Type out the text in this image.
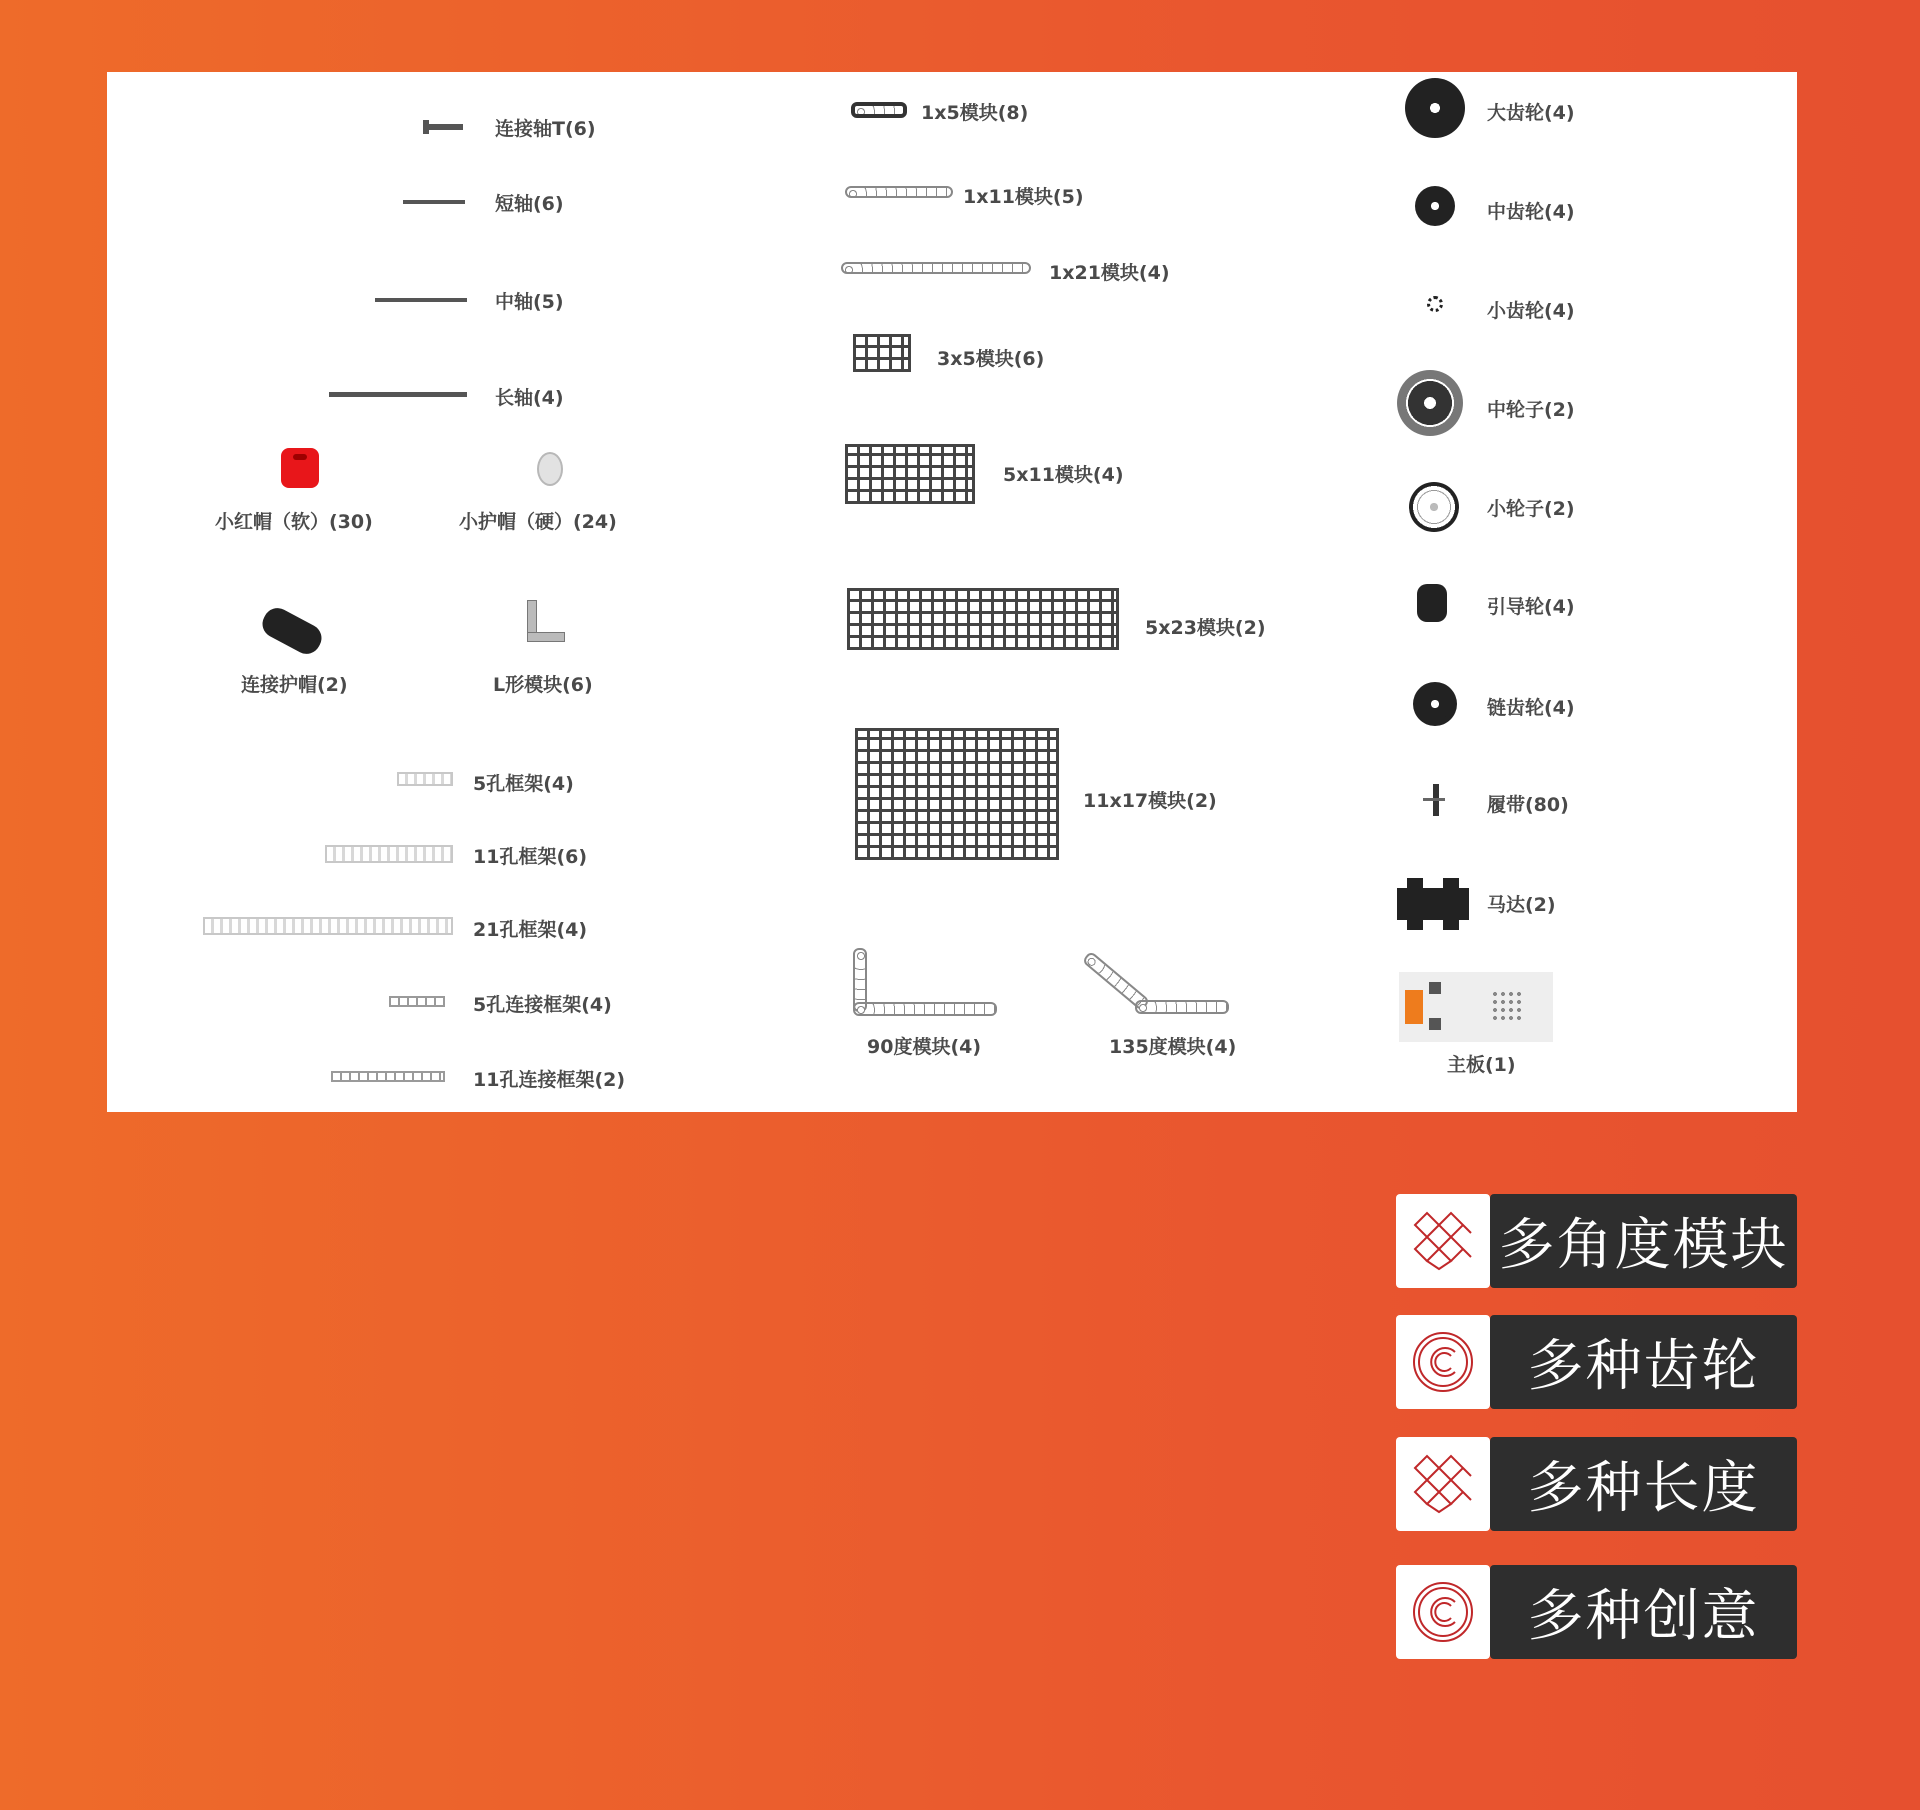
连接轴T(6)
短轴(6)
中轴(5)
长轴(4)
小红帽（软）(30)	小护帽（硬）(24)
连接护帽(2)	L形模块(6)
5孔框架(4)
11孔框架(6)
21孔框架(4)
5孔连接框架(4)
11孔连接框架(2)
1x5模块(8)
1x11模块(5)
1x21模块(4)
3x5模块(6)
5x11模块(4)
5x23模块(2)
11x17模块(2)
90度模块(4)	135度模块(4)
大齿轮(4)
中齿轮(4)
小齿轮(4)
中轮子(2)
小轮子(2)
引导轮(4)
链齿轮(4)
履带(80)
马达(2)
主板(1)
多角度模块
多种齿轮
多种长度
多种创意
